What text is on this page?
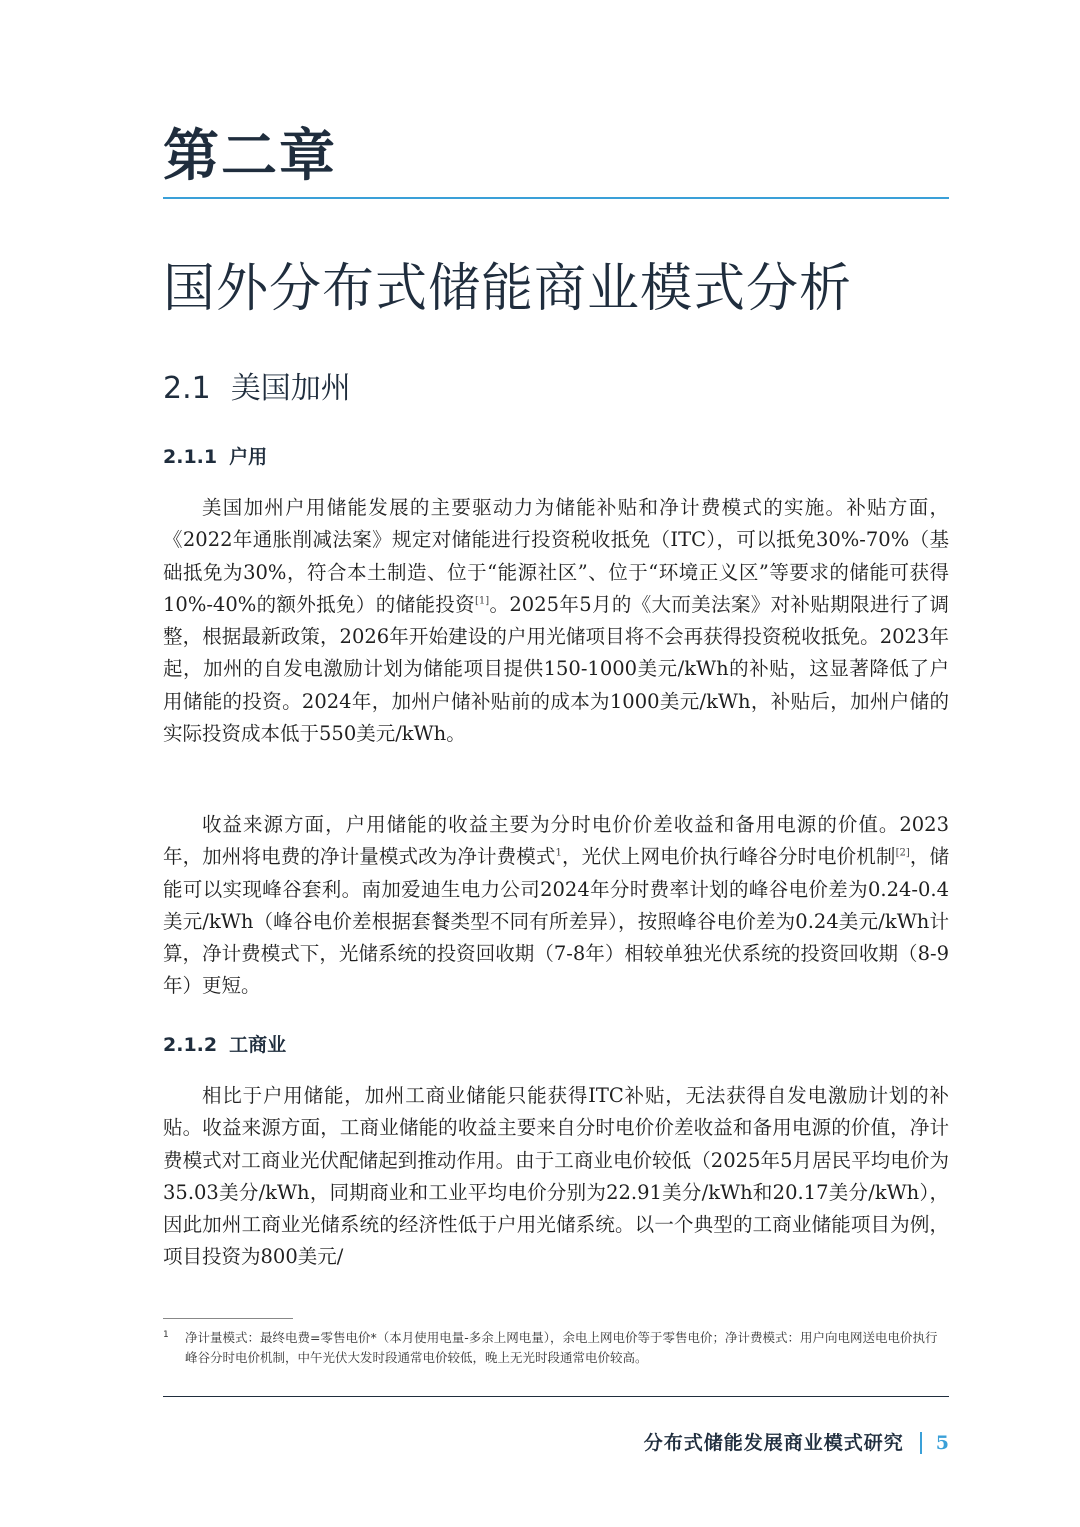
第二章
国外分布式储能商业模式分析
2.1 美国加州
2.1.1 户用
美国加州户用储能发展的主要驱动力为储能补贴和净计费模式的实施。补贴方面，《2022年通胀削减法案》规定对储能进行投资税收抵免（ITC），可以抵免30%-70%（基础抵免为30%，符合本土制造、位于“能源社区”、位于“环境正义区”等要求的储能可获得10%-40%的额外抵免）的储能投资[1]。2025年5月的《大而美法案》对补贴期限进行了调整，根据最新政策，2026年开始建设的户用光储项目将不会再获得投资税收抵免。2023年起，加州的自发电激励计划为储能项目提供150-1000美元/kWh的补贴，这显著降低了户用储能的投资。2024年，加州户储补贴前的成本为1000美元/kWh，补贴后，加州户储的实际投资成本低于550美元/kWh。
收益来源方面，户用储能的收益主要为分时电价价差收益和备用电源的价值。2023年，加州将电费的净计量模式改为净计费模式$^1$，光伏上网电价执行峰谷分时电价机制[2]，储能可以实现峰谷套利。南加爱迪生电力公司2024年分时费率计划的峰谷电价差为0.24-0.4美元/kWh（峰谷电价差根据套餐类型不同有所差异），按照峰谷电价差为0.24美元/kWh计算，净计费模式下，光储系统的投资回收期（7-8年）相较单独光伏系统的投资回收期（8-9年）更短。
2.1.2 工商业
相比于户用储能，加州工商业储能只能获得ITC补贴，无法获得自发电激励计划的补贴。收益来源方面，工商业储能的收益主要来自分时电价价差收益和备用电源的价值，净计费模式对工商业光伏配储起到推动作用。由于工商业电价较低（2025年5月居民平均电价为35.03美分/kWh，同期商业和工业平均电价分别为22.91美分/kWh和20.17美分/kWh），因此加州工商业光储系统的经济性低于户用光储系统。以一个典型的工商业储能项目为例，项目投资为800美元/
1 净计量模式：最终电费=零售电价*（本月使用电量-多余上网电量），余电上网电价等于零售电价；净计费模式：用户向电网送电电价执行峰谷分时电价机制，中午光伏大发时段通常电价较低，晚上无光时段通常电价较高。
分布式储能发展商业模式研究 5
